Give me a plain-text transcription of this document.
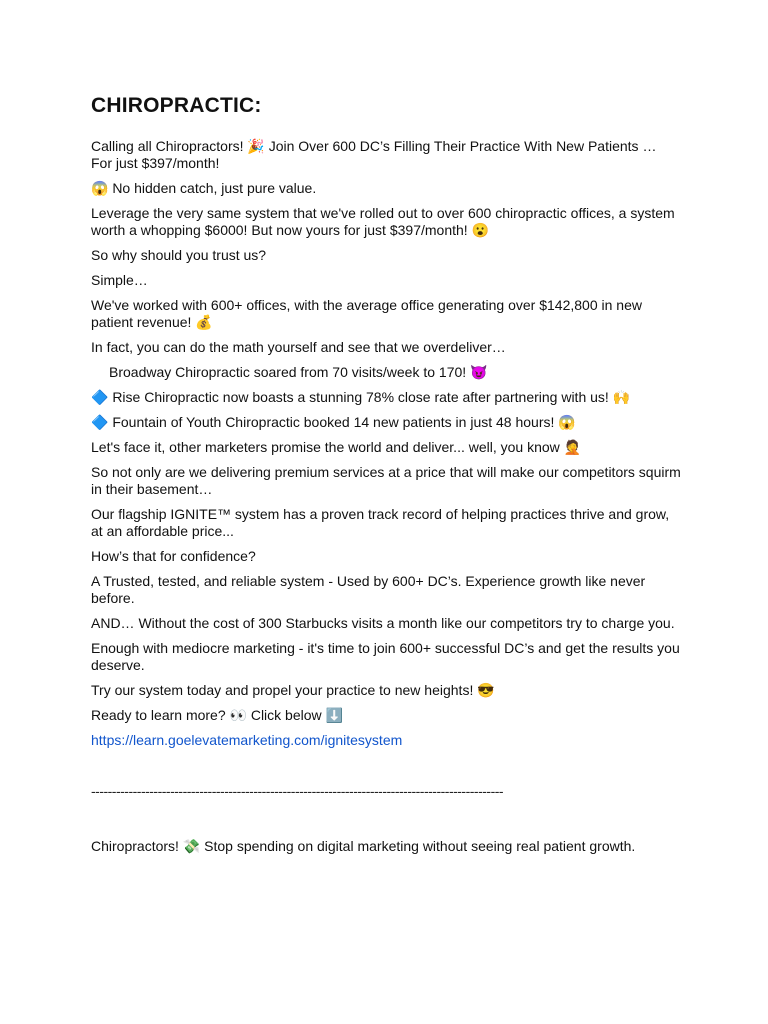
CHIROPRACTIC:

Calling all Chiropractors! 🎉 Join Over 600 DC’s Filling Their Practice With New Patients … For just $397/month!

😱 No hidden catch, just pure value.

Leverage the very same system that we've rolled out to over 600 chiropractic offices, a system worth a whopping $6000! But now yours for just $397/month! 😮

So why should you trust us?

Simple…

We've worked with 600+ offices, with the average office generating over $142,800 in new patient revenue! 💰

In fact, you can do the math yourself and see that we overdeliver…

Broadway Chiropractic soared from 70 visits/week to 170! 😈

🔷 Rise Chiropractic now boasts a stunning 78% close rate after partnering with us! 🙌

🔷 Fountain of Youth Chiropractic booked 14 new patients in just 48 hours! 😱

Let's face it, other marketers promise the world and deliver... well, you know 🤦

So not only are we delivering premium services at a price that will make our competitors squirm in their basement…

Our flagship IGNITE™ system has a proven track record of helping practices thrive and grow, at an affordable price...

How’s that for confidence?

A Trusted, tested, and reliable system - Used by 600+ DC’s. Experience growth like never before.

AND… Without the cost of 300 Starbucks visits a month like our competitors try to charge you.

Enough with mediocre marketing - it's time to join 600+ successful DC’s and get the results you deserve.

Try our system today and propel your practice to new heights! 😎

Ready to learn more? 👀 Click below ⬇️

https://learn.goelevatemarketing.com/ignitesystem

---------------------------------------------------------------------------------------------------

Chiropractors! 💸 Stop spending on digital marketing without seeing real patient growth.
